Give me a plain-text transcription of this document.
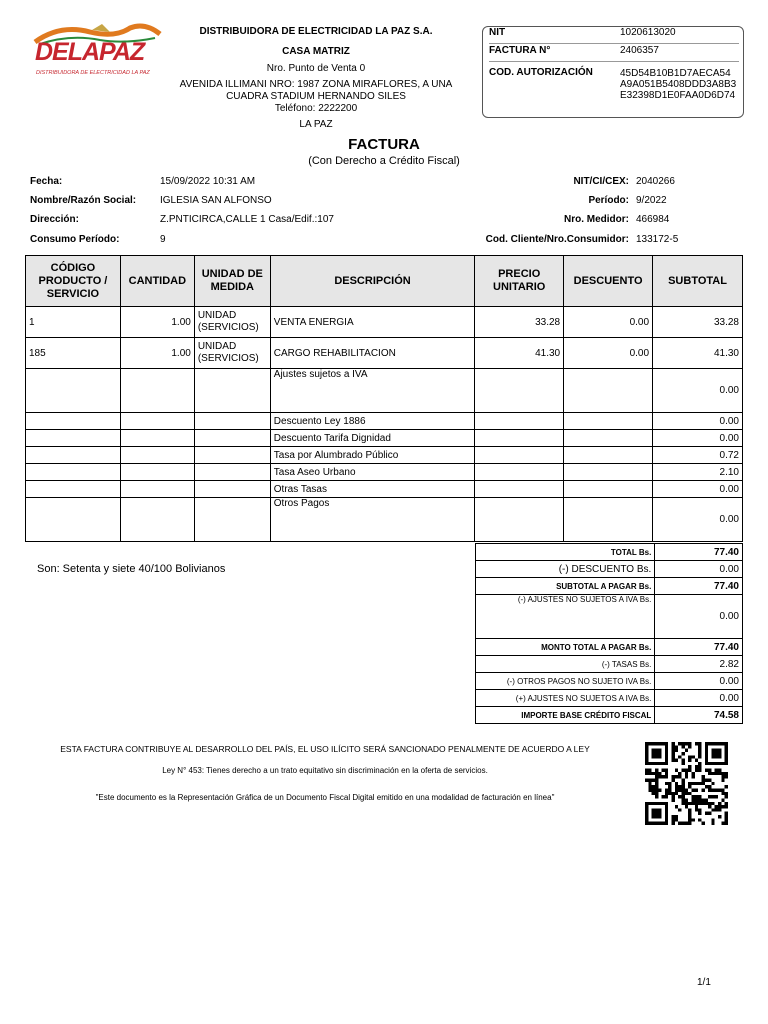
DELAPAZ
DISTRIBUIDORA DE ELECTRICIDAD LA PAZ
DISTRIBUIDORA DE ELECTRICIDAD LA PAZ S.A.
CASA MATRIZ
Nro. Punto de Venta 0
AVENIDA ILLIMANI NRO: 1987 ZONA MIRAFLORES, A UNA
CUADRA STADIUM HERNANDO SILES
Teléfono: 2222200
LA PAZ
NIT	1020613020
FACTURA N°	2406357
COD. AUTORIZACIÓN	45D54B10B1D7AECA54
A9A051B5408DDD3A8B3
E32398D1E0FAA0D6D74
FACTURA
(Con Derecho a Crédito Fiscal)
Fecha:	15/09/2022 10:31 AM
Nombre/Razón Social: IGLESIA SAN ALFONSO
Dirección:	Z.PNTICIRCA,CALLE 1 Casa/Edif.:107
Consumo Período:	9
NIT/CI/CEX: 2040266
Período: 9/2022
Nro. Medidor: 466984
Cod. Cliente/Nro.Consumidor: 133172-5
CÓDIGO
PRODUCTO /
SERVICIO	CANTIDAD	UNIDAD DE
MEDIDA	DESCRIPCIÓN	PRECIO
UNITARIO	DESCUENTO	SUBTOTAL
1	1.00	UNIDAD
(SERVICIOS)	VENTA ENERGIA	33.28	0.00	33.28
185	1.00	UNIDAD
(SERVICIOS)	CARGO REHABILITACION	41.30	0.00	41.30
			Ajustes sujetos a IVA			0.00
			Descuento Ley 1886			0.00
			Descuento Tarifa Dignidad			0.00
			Tasa por Alumbrado Público			0.72
			Tasa Aseo Urbano			2.10
			Otras Tasas			0.00
			Otros Pagos			0.00
Son: Setenta y siete 40/100 Bolivianos
TOTAL Bs.	77.40
(-) DESCUENTO Bs.	0.00
SUBTOTAL A PAGAR Bs.	77.40
(-) AJUSTES NO SUJETOS A IVA Bs.	0.00
MONTO TOTAL A PAGAR Bs.	77.40
(-) TASAS Bs.	2.82
(-) OTROS PAGOS NO SUJETO IVA Bs.	0.00
(+) AJUSTES NO SUJETOS A IVA Bs.	0.00
IMPORTE BASE CRÉDITO FISCAL	74.58
ESTA FACTURA CONTRIBUYE AL DESARROLLO DEL PAÍS, EL USO ILÍCITO SERÁ SANCIONADO PENALMENTE DE ACUERDO A LEY
Ley N° 453: Tienes derecho a un trato equitativo sin discriminación en la oferta de servicios.
"Este documento es la Representación Gráfica de un Documento Fiscal Digital emitido en una modalidad de facturación en línea"
1/1
